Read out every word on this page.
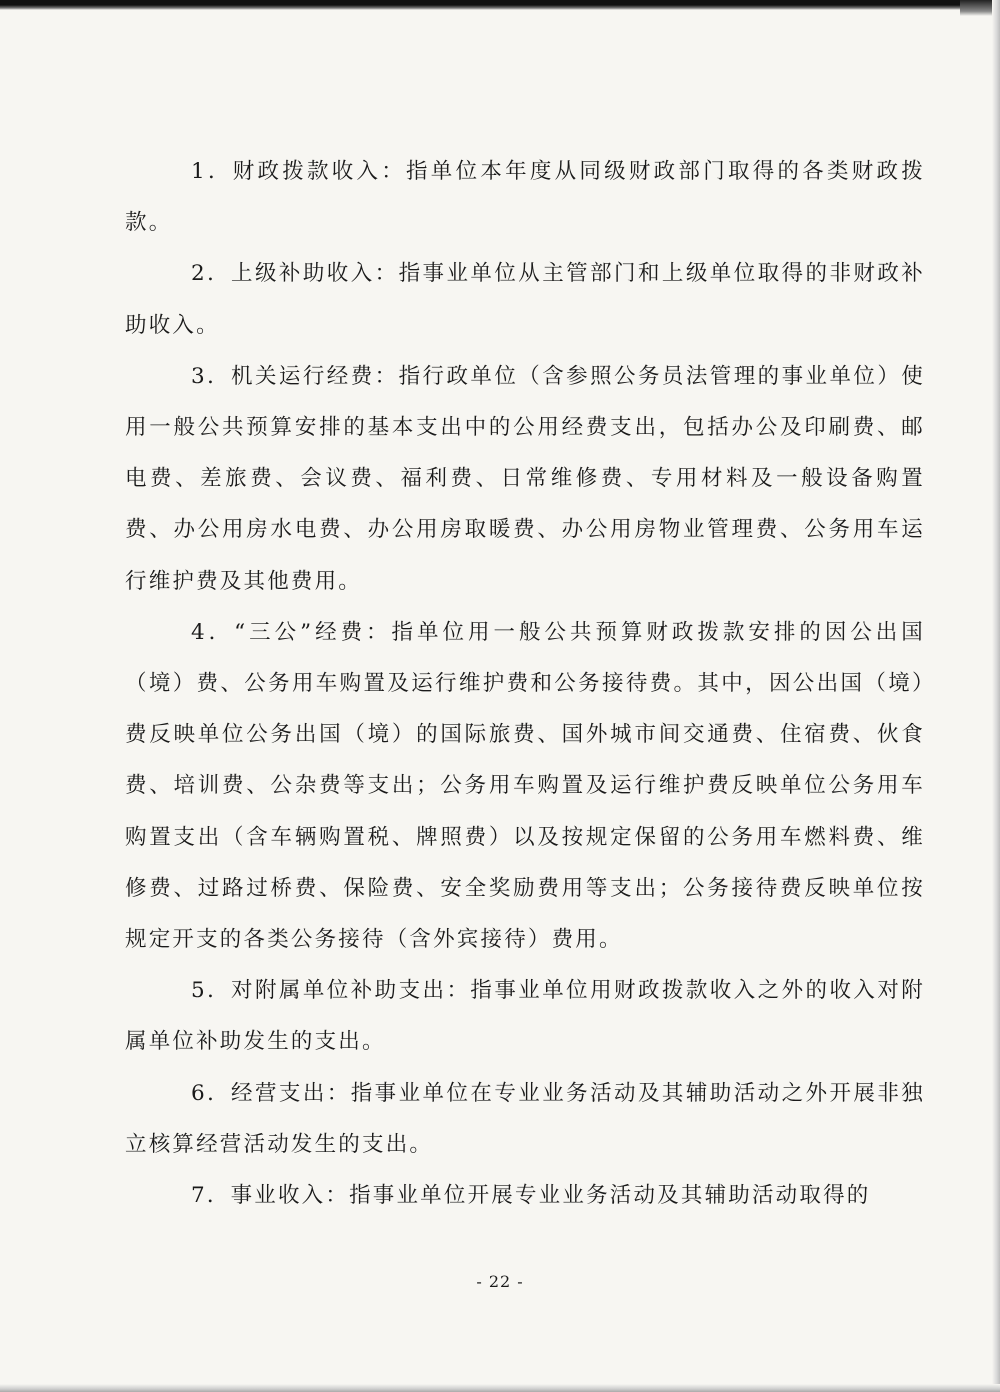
1．财政拨款收入：指单位本年度从同级财政部门取得的各类财政拨款。

2．上级补助收入：指事业单位从主管部门和上级单位取得的非财政补助收入。

3．机关运行经费：指行政单位（含参照公务员法管理的事业单位）使用一般公共预算安排的基本支出中的公用经费支出，包括办公及印刷费、邮电费、差旅费、会议费、福利费、日常维修费、专用材料及一般设备购置费、办公用房水电费、办公用房取暖费、办公用房物业管理费、公务用车运行维护费及其他费用。

4．“三公”经费：指单位用一般公共预算财政拨款安排的因公出国（境）费、公务用车购置及运行维护费和公务接待费。其中，因公出国（境）费反映单位公务出国（境）的国际旅费、国外城市间交通费、住宿费、伙食费、培训费、公杂费等支出；公务用车购置及运行维护费反映单位公务用车购置支出（含车辆购置税、牌照费）以及按规定保留的公务用车燃料费、维修费、过路过桥费、保险费、安全奖励费用等支出；公务接待费反映单位按规定开支的各类公务接待（含外宾接待）费用。

5．对附属单位补助支出：指事业单位用财政拨款收入之外的收入对附属单位补助发生的支出。

6．经营支出：指事业单位在专业业务活动及其辅助活动之外开展非独立核算经营活动发生的支出。

7．事业收入：指事业单位开展专业业务活动及其辅助活动取得的

- 22 -
